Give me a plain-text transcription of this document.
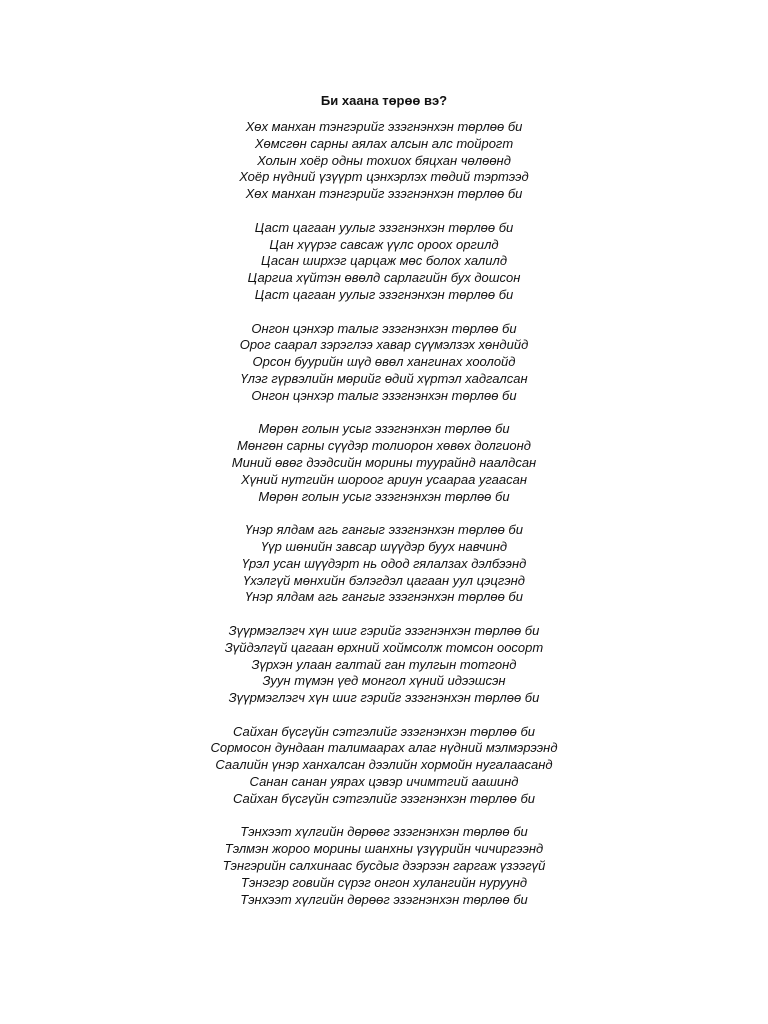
Би хаана төрөө вэ?
Хөх манхан тэнгэрийг эзэгнэнхэн төрлөө би
Хөмсгөн сарны аялах алсын алс тойрогт
Холын хоёр одны тохиох бяцхан чөлөөнд
Хоёр нүдний үзүүрт цэнхэрлэх төдий тэртээд
Хөх манхан тэнгэрийг эзэгнэнхэн төрлөө би
Цаст цагаан уулыг эзэгнэнхэн төрлөө би
Цан хүүрэг савсаж үүлс ороох оргилд
Цасан ширхэг царцаж мөс болох халилд
Царгиа хүйтэн өвөлд сарлагийн бух дошсон
Цаст цагаан уулыг эзэгнэнхэн төрлөө би
Онгон цэнхэр талыг эзэгнэнхэн төрлөө би
Орог саарал зэрэглээ хавар сүүмэлзэх хөндийд
Орсон буурийн шүд өвөл хангинах хоолойд
Үлэг гүрвэлийн мөрийг өдий хүртэл хадгалсан
Онгон цэнхэр талыг эзэгнэнхэн төрлөө би
Мөрөн голын усыг эзэгнэнхэн төрлөө би
Мөнгөн сарны сүүдэр толиорон хөвөх долгионд
Миний өвөг дээдсийн морины туурайнд наалдсан
Хүний нутгийн шороог ариун усаараа угаасан
Мөрөн голын усыг эзэгнэнхэн төрлөө би
Үнэр ялдам агь гангыг эзэгнэнхэн төрлөө би
Үүр шөнийн завсар шүүдэр буух навчинд
Үрэл усан шүүдэрт нь одод гялалзах дэлбээнд
Үхэлгүй мөнхийн бэлэгдэл цагаан уул цэцгэнд
Үнэр ялдам агь гангыг эзэгнэнхэн төрлөө би
Зүүрмэглэгч хүн шиг гэрийг эзэгнэнхэн төрлөө би
Зүйдэлгүй цагаан өрхний хоймсолж томсон оосорт
Зүрхэн улаан галтай ган тулгын тотгонд
Зуун түмэн үед монгол хүний идээшсэн
Зүүрмэглэгч хүн шиг гэрийг эзэгнэнхэн төрлөө би
Сайхан бүсгүйн сэтгэлийг эзэгнэнхэн төрлөө би
Сормосон дундаан талимаарах алаг нүдний мэлмэрээнд
Саалийн үнэр ханхалсан дээлийн хормойн нугалаасанд
Санан санан уярах цэвэр ичимтгий аашинд
Сайхан бүсгүйн сэтгэлийг эзэгнэнхэн төрлөө би
Тэнхээт хүлгийн дөрөөг эзэгнэнхэн төрлөө би
Тэлмэн жороо морины шанхны үзүүрийн чичиргээнд
Тэнгэрийн салхинаас бусдыг дээрээн гаргаж үзээгүй
Тэнэгэр говийн сүрэг онгон хулангийн нуруунд
Тэнхээт хүлгийн дөрөөг эзэгнэнхэн төрлөө би
